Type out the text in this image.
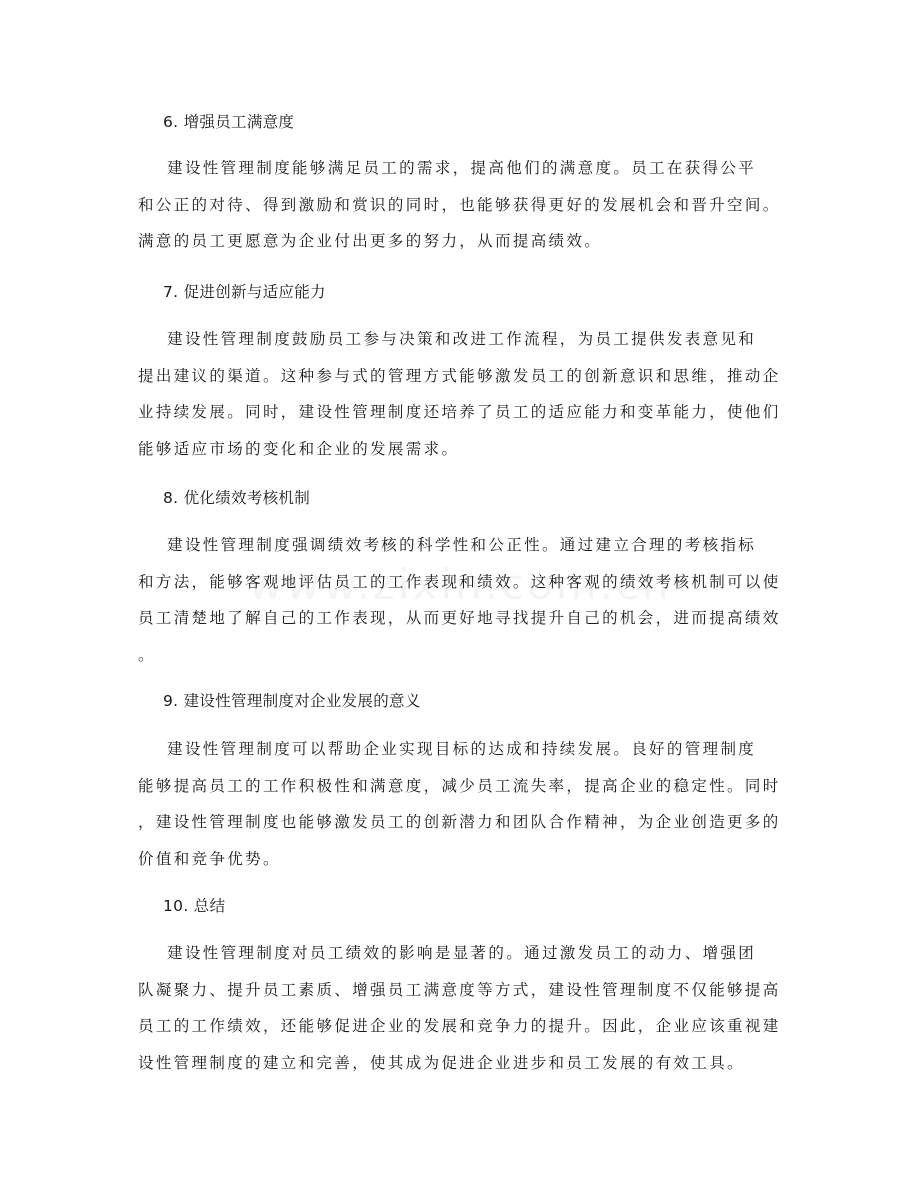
6. 增强员工满意度
建设性管理制度能够满足员工的需求，提高他们的满意度。员工在获得公平
和公正的对待、得到激励和赏识的同时，也能够获得更好的发展机会和晋升空间。
满意的员工更愿意为企业付出更多的努力，从而提高绩效。
7. 促进创新与适应能力
建设性管理制度鼓励员工参与决策和改进工作流程，为员工提供发表意见和
提出建议的渠道。这种参与式的管理方式能够激发员工的创新意识和思维，推动企
业持续发展。同时，建设性管理制度还培养了员工的适应能力和变革能力，使他们
能够适应市场的变化和企业的发展需求。
8. 优化绩效考核机制
建设性管理制度强调绩效考核的科学性和公正性。通过建立合理的考核指标
和方法，能够客观地评估员工的工作表现和绩效。这种客观的绩效考核机制可以使
员工清楚地了解自己的工作表现，从而更好地寻找提升自己的机会，进而提高绩效
。
9. 建设性管理制度对企业发展的意义
建设性管理制度可以帮助企业实现目标的达成和持续发展。良好的管理制度
能够提高员工的工作积极性和满意度，减少员工流失率，提高企业的稳定性。同时
，建设性管理制度也能够激发员工的创新潜力和团队合作精神，为企业创造更多的
价值和竞争优势。
10. 总结
建设性管理制度对员工绩效的影响是显著的。通过激发员工的动力、增强团
队凝聚力、提升员工素质、增强员工满意度等方式，建设性管理制度不仅能够提高
员工的工作绩效，还能够促进企业的发展和竞争力的提升。因此，企业应该重视建
设性管理制度的建立和完善，使其成为促进企业进步和员工发展的有效工具。
